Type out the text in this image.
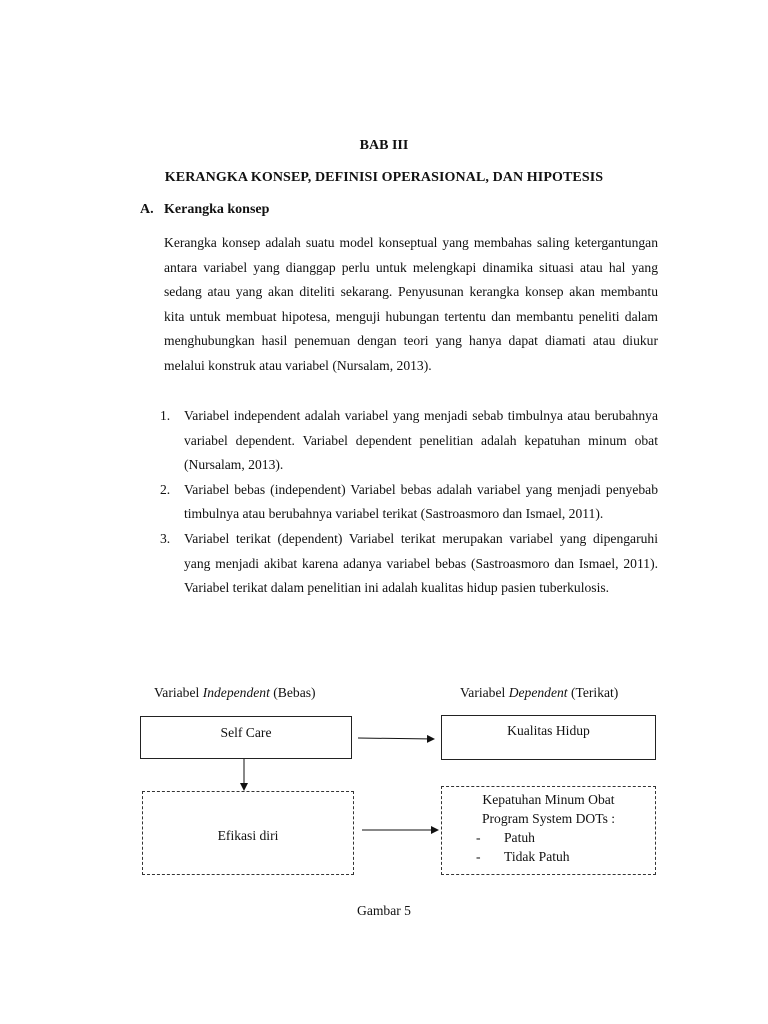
BAB III
KERANGKA KONSEP, DEFINISI OPERASIONAL, DAN HIPOTESIS
A. Kerangka konsep

Kerangka konsep adalah suatu model konseptual yang membahas saling ketergantungan antara variabel yang dianggap perlu untuk melengkapi dinamika situasi atau hal yang sedang atau yang akan diteliti sekarang. Penyusunan kerangka konsep akan membantu kita untuk membuat hipotesa, menguji hubungan tertentu dan membantu peneliti dalam menghubungkan hasil penemuan dengan teori yang hanya dapat diamati atau diukur melalui konstruk atau variabel (Nursalam, 2013).

1. Variabel independent adalah variabel yang menjadi sebab timbulnya atau berubahnya variabel dependent. Variabel dependent penelitian adalah kepatuhan minum obat (Nursalam, 2013).
2. Variabel bebas (independent) Variabel bebas adalah variabel yang menjadi penyebab timbulnya atau berubahnya variabel terikat (Sastroasmoro dan Ismael, 2011).
3. Variabel terikat (dependent) Variabel terikat merupakan variabel yang dipengaruhi yang menjadi akibat karena adanya variabel bebas (Sastroasmoro dan Ismael, 2011). Variabel terikat dalam penelitian ini adalah kualitas hidup pasien tuberkulosis.
Variabel Independent (Bebas)	Variabel Dependent (Terikat)
Self Care	Kualitas Hidup
Efikasi diri
Kepatuhan Minum Obat
Program System DOTs :
- Patuh
- Tidak Patuh
Gambar 5
